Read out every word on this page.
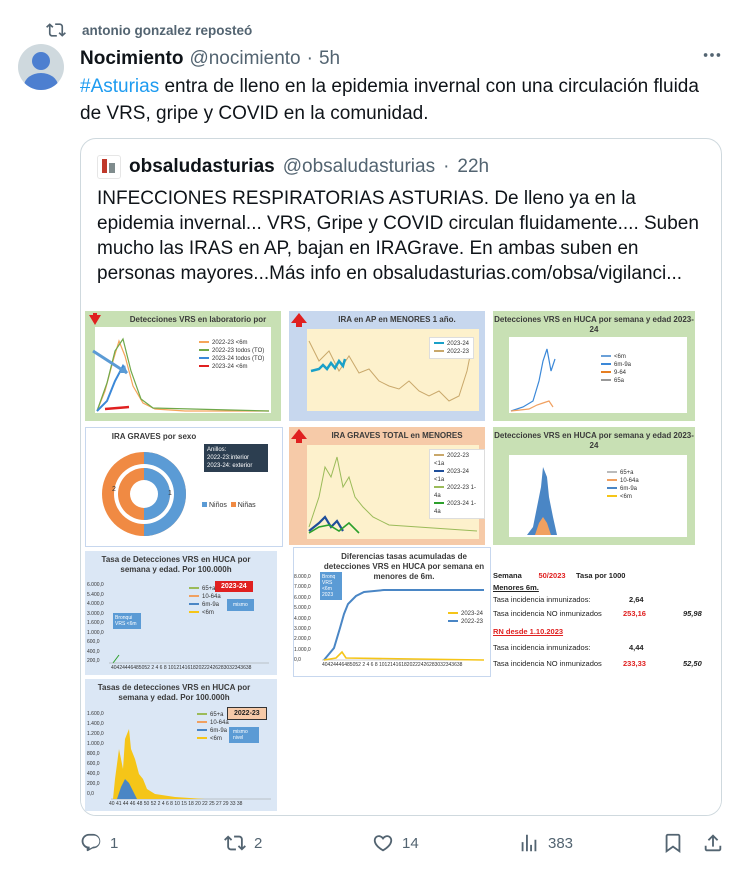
antonio gonzalez reposteó
Nocimiento @nocimiento · 5h
#Asturias entra de lleno en la epidemia invernal con una circulación fluida de VRS, gripe y COVID en la comunidad.
obsaludasturias @obsaludasturias · 22h
INFECCIONES RESPIRATORIAS ASTURIAS. De lleno ya en la epidemia invernal... VRS, Gripe y COVID circulan fluidamente.... Suben mucho las IRAS en AP, bajan en IRAGrave. En ambas suben en personas mayores...Más info en obsaludasturias.com/obsa/vigilanci...
Detecciones VRS en laboratorio por
2022-23 <6m
2022-23 todos (TO)
2023-24 todos (TO)
2023-24 <6m
IRA en AP en MENORES 1 año.
2023-24
2022-23
Detecciones VRS en HUCA por semana y edad 2023-24
<6m
6m-9a
9-64
65a
IRA GRAVES por sexo
2
1
Anillos:
2022-23:interior
2023-24: exterior
Niños Niñas
IRA GRAVES TOTAL en MENORES
2022-23 <1a
2023-24 <1a
2022-23 1-4a
2023-24 1-4a
Detecciones VRS en HUCA por semana y edad 2023-24
65+a
10-64a
6m-9a
<6m
Tasa de Detecciones VRS en HUCA por semana y edad. Por 100.000h
2023-24
mismo
Bronqui VRS <6m
65+a
10-64a
6m-9a
<6m
6.000,0
5.400,0
4.000,0
3.000,0
1.600,0
1.000,0
600,0
400,0
200,0
40424446485052 2 4 6 8 101214161820222426283032343638
Diferencias tasas acumuladas de detecciones VRS en HUCA por semana en menores de 6m.
Bronq
VRS
<6m
2023
2023-24
2022-23
8.000,0
7.000,0
6.000,0
5.000,0
4.000,0
3.000,0
2.000,0
1.000,0
0,0
40424446485052 2 4 6 8 101214161820222426283032343638
Tasas de detecciones VRS en HUCA por semana y edad. Por 100.000h
2022-23
mismo nivel
65+a
10-64a
6m-9a
<6m
1.600,0
1.400,0
1.200,0
1.000,0
800,0
600,0
400,0
200,0
0,0
40 41 44 46 48 50 52 2 4 6 8 10 15 18 20 22 25 27 29 33 38
Semana 50/2023 Tasa por 1000
Menores 6m.
Tasa incidencia inmunizados:	2,64
Tasa incidencia NO inmunizados	253,16	95,98
RN desde 1.10.2023
Tasa incidencia inmunizados:	4,44
Tasa incidencia NO inmunizados	233,33	52,50
1	2	14	383
